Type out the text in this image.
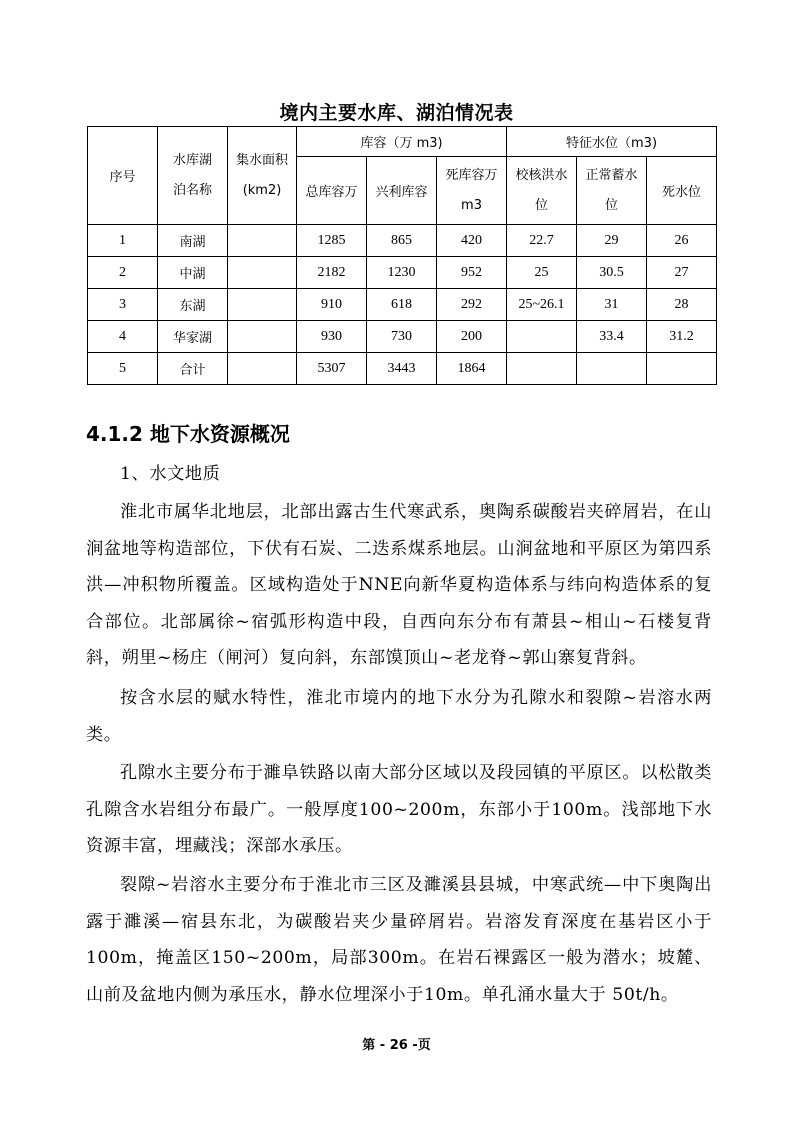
境内主要水库、湖泊情况表
序号	水库湖泊名称	集水面积(km2)	库容（万 m3)			特征水位（m3)		
			总库容万	兴利库容	死库容万m3	校核洪水位	正常蓄水位	死水位
1	南湖		1285	865	420	22.7	29	26
2	中湖		2182	1230	952	25	30.5	27
3	东湖		910	618	292	25~26.1	31	28
4	华家湖		930	730	200		33.4	31.2
5	合计		5307	3443	1864			
4.1.2 地下水资源概况

1、水文地质

淮北市属华北地层，北部出露古生代寒武系，奥陶系碳酸岩夹碎屑岩，在山涧盆地等构造部位，下伏有石炭、二迭系煤系地层。山涧盆地和平原区为第四系洪—冲积物所覆盖。区域构造处于NNE向新华夏构造体系与纬向构造体系的复合部位。北部属徐~宿弧形构造中段，自西向东分布有萧县~相山~石楼复背斜，朔里~杨庄（闸河）复向斜，东部馍顶山~老龙脊~郭山寨复背斜。

按含水层的赋水特性，淮北市境内的地下水分为孔隙水和裂隙~岩溶水两类。

孔隙水主要分布于濉阜铁路以南大部分区域以及段园镇的平原区。以松散类孔隙含水岩组分布最广。一般厚度100~200m，东部小于100m。浅部地下水资源丰富，埋藏浅；深部水承压。

裂隙~岩溶水主要分布于淮北市三区及濉溪县县城，中寒武统—中下奥陶出露于濉溪—宿县东北，为碳酸岩夹少量碎屑岩。岩溶发育深度在基岩区小于100m，掩盖区150~200m，局部300m。在岩石裸露区一般为潜水；坡麓、山前及盆地内侧为承压水，静水位埋深小于10m。单孔涌水量大于 50t/h。

第 - 26 -页
